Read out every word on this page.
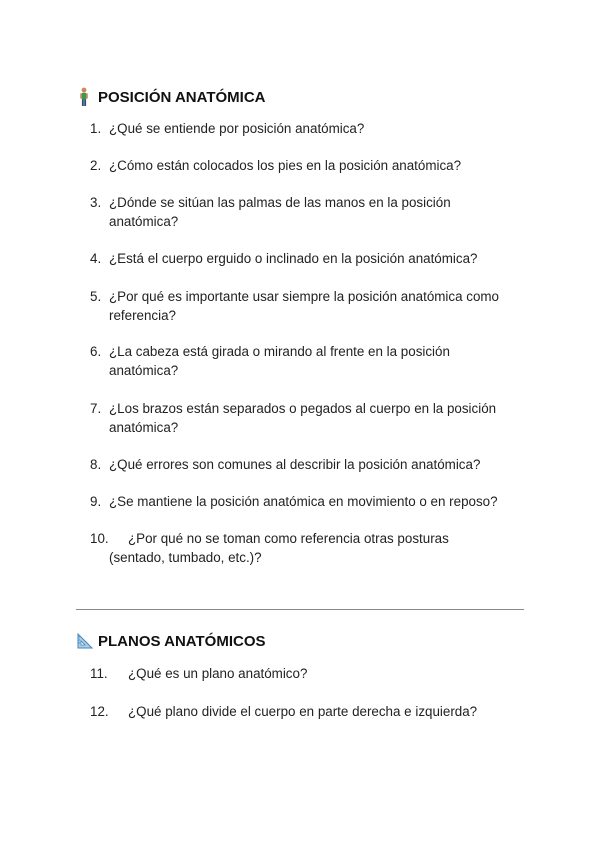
POSICIÓN ANATÓMICA
1. ¿Qué se entiende por posición anatómica?
2. ¿Cómo están colocados los pies en la posición anatómica?
3. ¿Dónde se sitúan las palmas de las manos en la posición anatómica?
4. ¿Está el cuerpo erguido o inclinado en la posición anatómica?
5. ¿Por qué es importante usar siempre la posición anatómica como referencia?
6. ¿La cabeza está girada o mirando al frente en la posición anatómica?
7. ¿Los brazos están separados o pegados al cuerpo en la posición anatómica?
8. ¿Qué errores son comunes al describir la posición anatómica?
9. ¿Se mantiene la posición anatómica en movimiento o en reposo?
10.	¿Por qué no se toman como referencia otras posturas (sentado, tumbado, etc.)?
PLANOS ANATÓMICOS
11.	¿Qué es un plano anatómico?
12.	¿Qué plano divide el cuerpo en parte derecha e izquierda?
